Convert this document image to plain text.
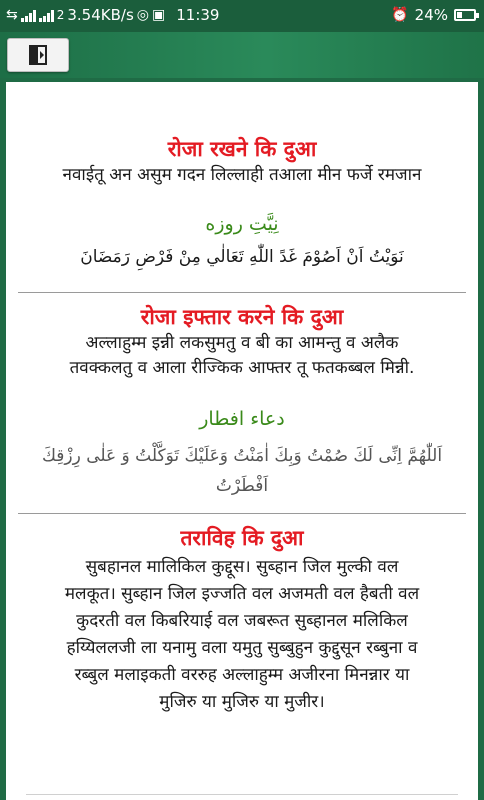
⇆	2 3.54KB/s ◎ ▣ 11:39	⏰ 24%
रोजा रखने कि दुआ
नवाईतू अन असुम गदन लिल्लाही तआला मीन फर्जे रमजान
نِيَّتِ روزه
نَوَيْتُ اَنْ اَصُوْمَ غَدً اللّٰهِ تَعَالٰي مِنْ فَرْضِ رَمَضَانَ
रोजा इफ्तार करने कि दुआ
अल्लाहुम्म इन्नी लकसुमतु व बी का आमन्तु व अलैक
तवक्कलतु व आला रीज्किक आफ्तर तू फतकब्बल मिन्नी.
دعاء افطار
اَللّٰهُمَّ اِنِّى لَكَ صُمْتُ وَبِكَ اٰمَنْتُ وَعَلَيْكَ تَوَكَّلْتُ وَ عَلٰى رِزْقِكَ
اَفْطَرْتُ
तराविह कि दुआ
सुबहानल मालिकिल कुद्दूस। सुब्हान जिल मुल्की वल
मलकूत। सुब्हान जिल इज्जति वल अजमती वल हैबती वल
कुदरती वल किबरियाई वल जबरूत सुब्हानल मलिकिल
हय्यिललजी ला यनामु वला यमुतु सुब्बुहुन कुद्दुसून रब्बुना व
रब्बुल मलाइकती वररुह अल्लाहुम्म अजीरना मिनन्नार या
मुजिरु या मुजिरु या मुजीर।
